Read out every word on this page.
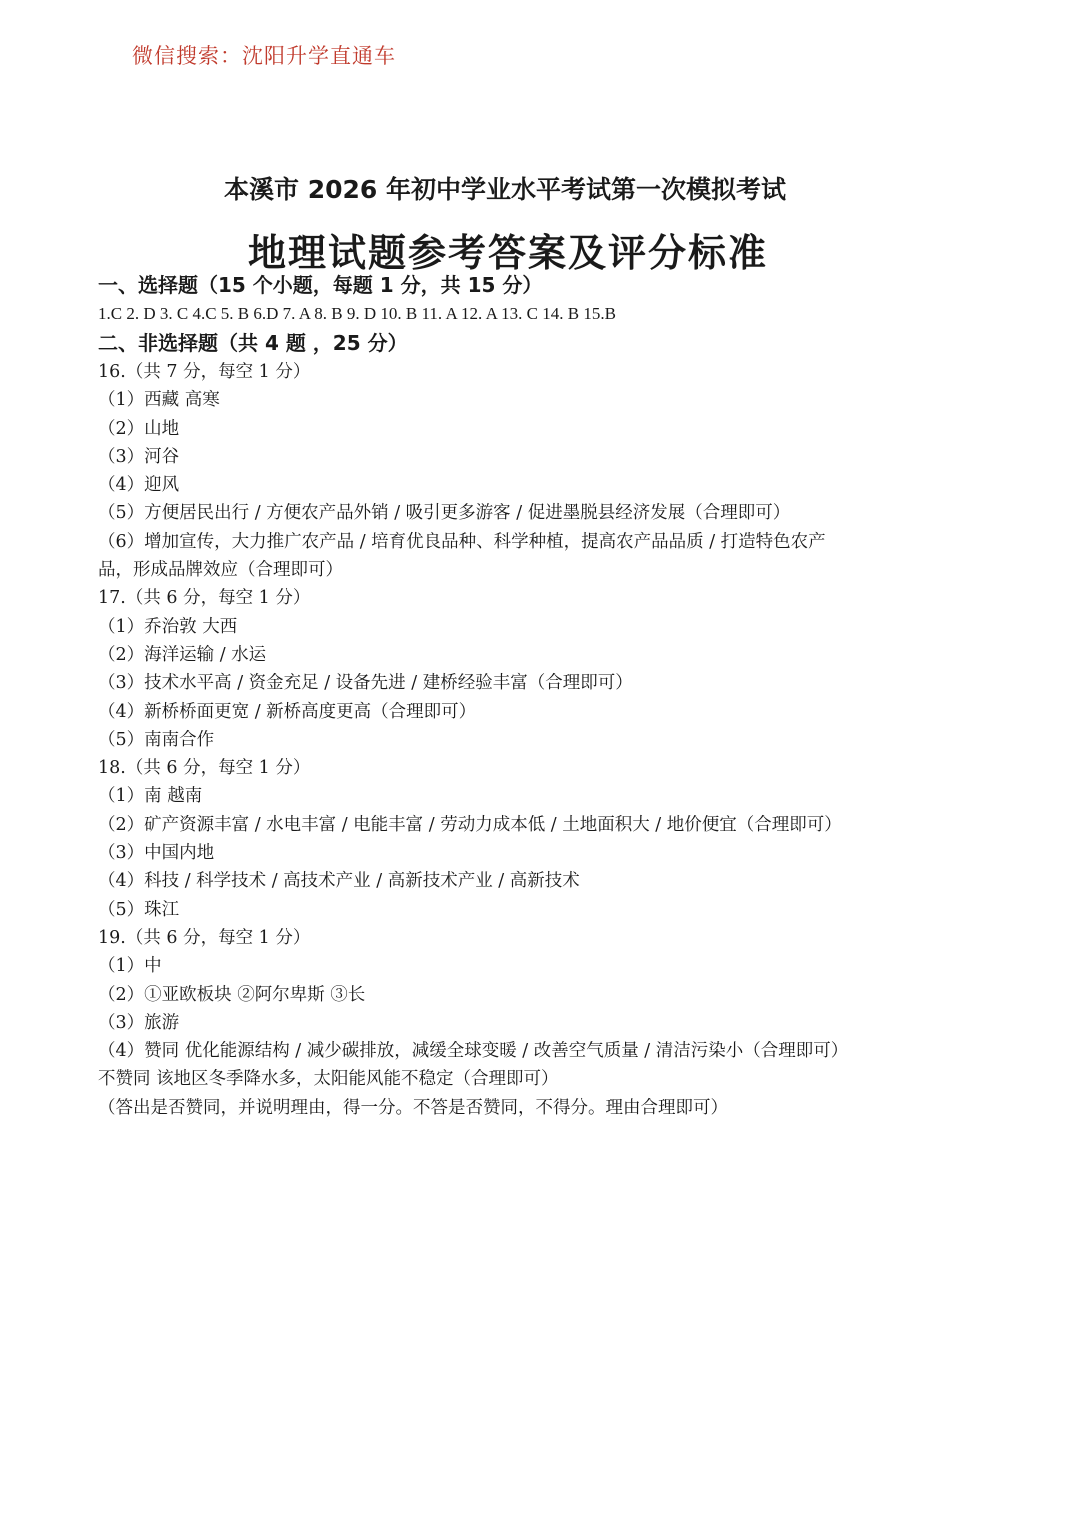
微信搜索：沈阳升学直通车
本溪市 2026 年初中学业水平考试第一次模拟考试
地理试题参考答案及评分标准
一、选择题（15 个小题，每题 1 分，共 15 分）
1.C 2. D 3. C 4.C 5. B 6.D 7. A 8. B 9. D 10. B 11. A 12. A 13. C 14. B 15.B
二、非选择题（共 4 题 ，25 分）
16.（共 7 分，每空 1 分）
（1）西藏 高寒
（2）山地
（3）河谷
（4）迎风
（5）方便居民出行 / 方便农产品外销 / 吸引更多游客 / 促进墨脱县经济发展（合理即可）
（6）增加宣传，大力推广农产品 / 培育优良品种、科学种植，提高农产品品质 / 打造特色农产
品，形成品牌效应（合理即可）
17.（共 6 分，每空 1 分）
（1）乔治敦 大西
（2）海洋运输 / 水运
（3）技术水平高 / 资金充足 / 设备先进 / 建桥经验丰富（合理即可）
（4）新桥桥面更宽 / 新桥高度更高（合理即可）
（5）南南合作
18.（共 6 分，每空 1 分）
（1）南 越南
（2）矿产资源丰富 / 水电丰富 / 电能丰富 / 劳动力成本低 / 土地面积大 / 地价便宜（合理即可）
（3）中国内地
（4）科技 / 科学技术 / 高技术产业 / 高新技术产业 / 高新技术
（5）珠江
19.（共 6 分，每空 1 分）
（1）中
（2）①亚欧板块 ②阿尔卑斯 ③长
（3）旅游
（4）赞同 优化能源结构 / 减少碳排放，减缓全球变暖 / 改善空气质量 / 清洁污染小（合理即可）
不赞同 该地区冬季降水多，太阳能风能不稳定（合理即可）
（答出是否赞同，并说明理由，得一分。不答是否赞同，不得分。理由合理即可）
